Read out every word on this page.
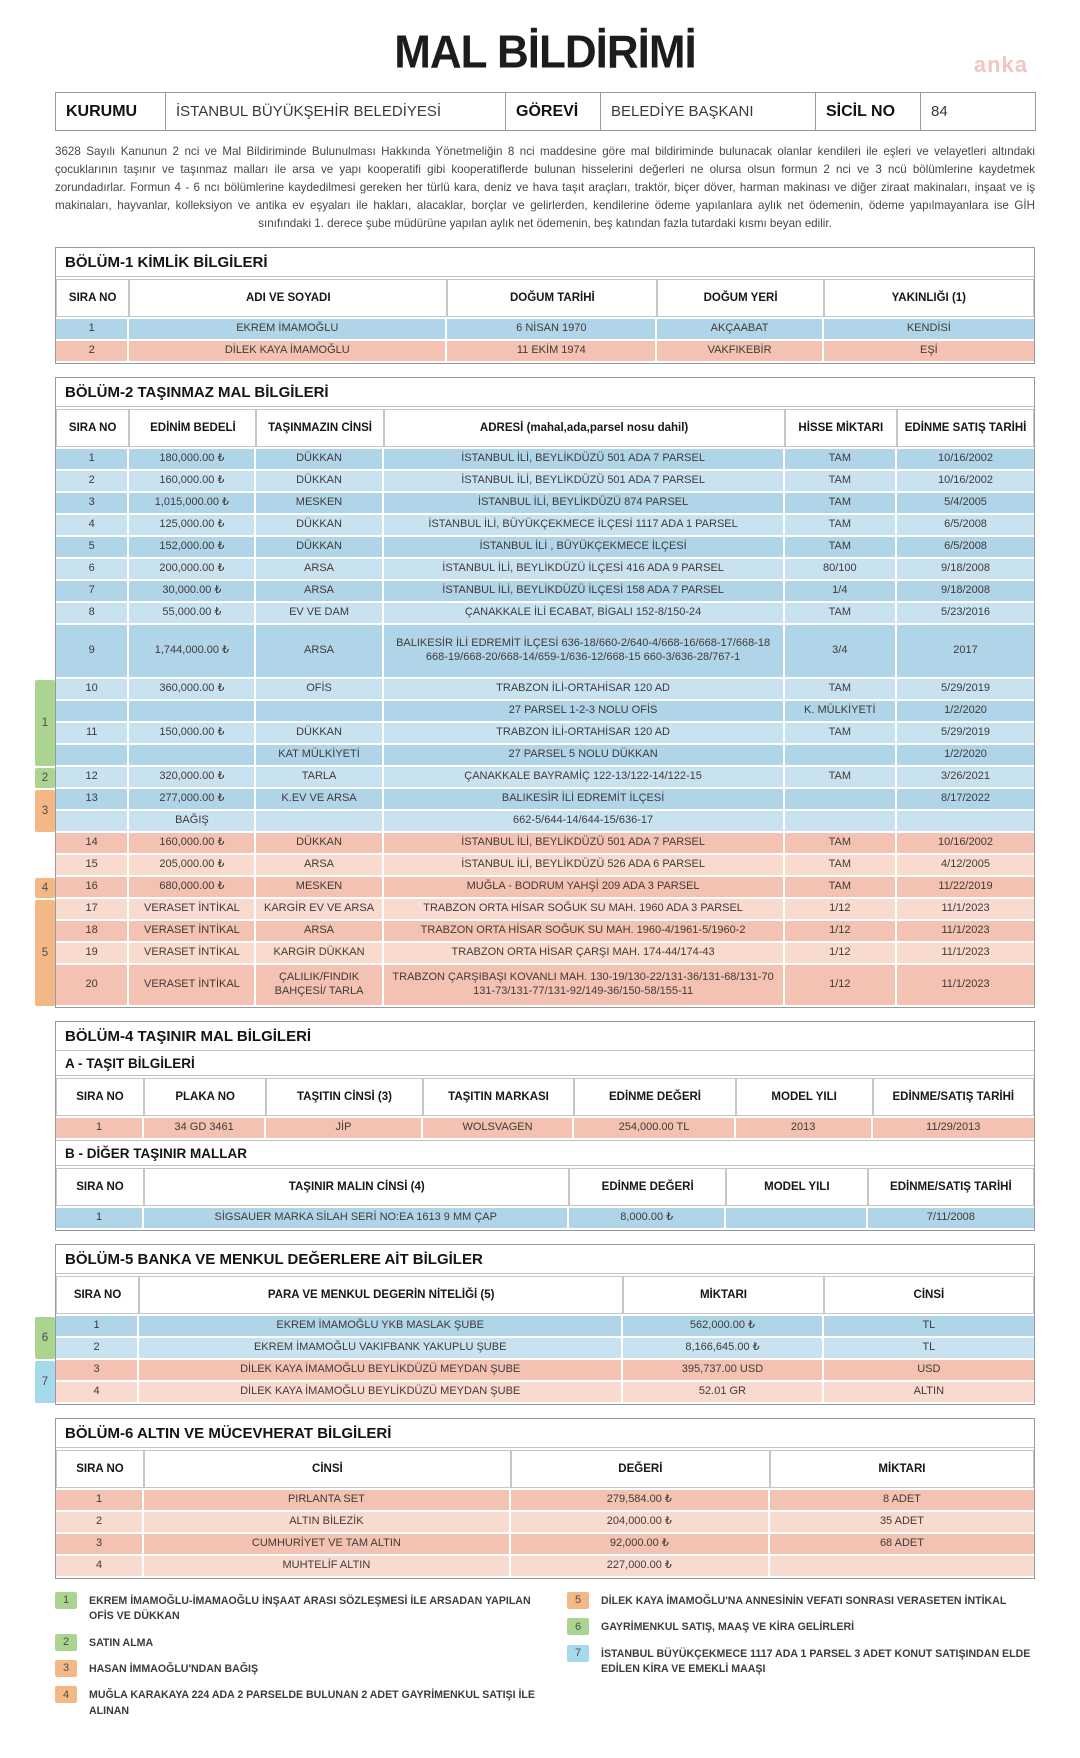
anka
MAL BİLDİRİMİ
KURUMU	İSTANBUL BÜYÜKŞEHİR BELEDİYESİ	GÖREVİ	BELEDİYE BAŞKANI	SİCİL NO	84

3628 Sayılı Kanunun 2 nci ve Mal Bildiriminde Bulunulması Hakkında Yönetmeliğin 8 nci maddesine göre mal bildiriminde bulunacak olanlar kendileri ile eşleri ve velayetleri altındaki çocuklarının taşınır ve taşınmaz malları ile arsa ve yapı kooperatifi gibi kooperatiflerde bulunan hisselerini değerleri ne olursa olsun formun 2 nci ve 3 ncü bölümlerine kaydetmek zorundadırlar. Formun 4 - 6 ncı bölümlerine kaydedilmesi gereken her türlü kara, deniz ve hava taşıt araçları, traktör, biçer döver, harman makinası ve diğer ziraat makinaları, inşaat ve iş makinaları, hayvanlar, kolleksiyon ve antika ev eşyaları ile hakları, alacaklar, borçlar ve gelirlerden, kendilerine ödeme yapılanlara aylık net ödemenin, ödeme yapılmayanlara ise GİH sınıfındaki 1. derece şube müdürüne yapılan aylık net ödemenin, beş katından fazla tutardaki kısmı beyan edilir.

BÖLÜM-1 KİMLİK BİLGİLERİ
SIRA NO	ADI VE SOYADI	DOĞUM TARİHİ	DOĞUM YERİ	YAKINLIĞI (1)
1	EKREM İMAMOĞLU	6 NİSAN 1970	AKÇAABAT	KENDİSİ
2	DİLEK KAYA İMAMOĞLU	11 EKİM 1974	VAKFIKEBİR	EŞİ
BÖLÜM-2 TAŞINMAZ MAL BİLGİLERİ
SIRA NO	EDİNİM BEDELİ	TAŞINMAZIN CİNSİ	ADRESİ (mahal,ada,parsel nosu dahil)	HİSSE MİKTARI	EDİNME SATIŞ TARİHİ
1	180,000.00 ₺	DÜKKAN	İSTANBUL İLİ, BEYLİKDÜZÜ 501 ADA 7 PARSEL	TAM	10/16/2002
2	160,000.00 ₺	DÜKKAN	İSTANBUL İLİ, BEYLİKDÜZÜ 501 ADA 7 PARSEL	TAM	10/16/2002
3	1,015,000.00 ₺	MESKEN	İSTANBUL İLİ, BEYLİKDÜZÜ 874 PARSEL	TAM	5/4/2005
4	125,000.00 ₺	DÜKKAN	İSTANBUL İLİ, BÜYÜKÇEKMECE İLÇESİ 1117 ADA 1 PARSEL	TAM	6/5/2008
5	152,000.00 ₺	DÜKKAN	İSTANBUL İLİ , BÜYÜKÇEKMECE İLÇESİ	TAM	6/5/2008
6	200,000.00 ₺	ARSA	İSTANBUL İLİ, BEYLİKDÜZÜ İLÇESİ 416 ADA 9 PARSEL	80/100	9/18/2008
7	30,000.00 ₺	ARSA	İSTANBUL İLİ, BEYLİKDÜZÜ İLÇESİ 158 ADA 7 PARSEL	1/4	9/18/2008
8	55,000.00 ₺	EV VE DAM	ÇANAKKALE İLİ ECABAT, BİGALI 152-8/150-24	TAM	5/23/2016
9	1,744,000.00 ₺	ARSA	BALIKESİR İLİ EDREMİT İLÇESİ 636-18/660-2/640-4/668-16/668-17/668-18 668-19/668-20/668-14/659-1/636-12/668-15 660-3/636-28/767-1	3/4	2017
10	360,000.00 ₺	OFİS	TRABZON İLİ-ORTAHİSAR 120 AD	TAM	5/29/2019
			27 PARSEL 1-2-3 NOLU OFİS	K. MÜLKİYETİ	1/2/2020
11	150,000.00 ₺	DÜKKAN	TRABZON İLİ-ORTAHİSAR 120 AD	TAM	5/29/2019
		KAT MÜLKİYETİ	27 PARSEL 5 NOLU DÜKKAN		1/2/2020
12	320,000.00 ₺	TARLA	ÇANAKKALE BAYRAMİÇ 122-13/122-14/122-15	TAM	3/26/2021
13	277,000.00 ₺	K.EV VE ARSA	BALIKESİR İLİ EDREMİT İLÇESİ		8/17/2022
	BAĞIŞ		662-5/644-14/644-15/636-17		
14	160,000.00 ₺	DÜKKAN	İSTANBUL İLİ, BEYLİKDÜZÜ 501 ADA 7 PARSEL	TAM	10/16/2002
15	205,000.00 ₺	ARSA	İSTANBUL İLİ, BEYLİKDÜZÜ 526 ADA 6 PARSEL	TAM	4/12/2005
16	680,000.00 ₺	MESKEN	MUĞLA - BODRUM YAHŞİ 209 ADA 3 PARSEL	TAM	11/22/2019
17	VERASET İNTİKAL	KARGİR EV VE ARSA	TRABZON ORTA HİSAR SOĞUK SU MAH. 1960 ADA 3 PARSEL	1/12	11/1/2023
18	VERASET İNTİKAL	ARSA	TRABZON ORTA HİSAR SOĞUK SU MAH. 1960-4/1961-5/1960-2	1/12	11/1/2023
19	VERASET İNTİKAL	KARGİR DÜKKAN	TRABZON ORTA HİSAR ÇARŞI MAH. 174-44/174-43	1/12	11/1/2023
20	VERASET İNTİKAL	ÇALILIK/FINDIK BAHÇESİ/ TARLA	TRABZON ÇARŞIBAŞI KOVANLI MAH. 130-19/130-22/131-36/131-68/131-70 131-73/131-77/131-92/149-36/150-58/155-11	1/12	11/1/2023
1
2
3
4
5
BÖLÜM-4 TAŞINIR MAL BİLGİLERİ
A - TAŞIT BİLGİLERİ
SIRA NO	PLAKA NO	TAŞITIN CİNSİ (3)	TAŞITIN MARKASI	EDİNME DEĞERİ	MODEL YILI	EDİNME/SATIŞ TARİHİ
1	34 GD 3461	JİP	WOLSVAGEN	254,000.00 TL	2013	11/29/2013
B - DİĞER TAŞINIR MALLAR
SIRA NO	TAŞINIR MALIN CİNSİ (4)	EDİNME DEĞERİ	MODEL YILI	EDİNME/SATIŞ TARİHİ
1	SİGSAUER MARKA SİLAH SERİ NO:EA 1613 9 MM ÇAP	8,000.00 ₺		7/11/2008
BÖLÜM-5 BANKA VE MENKUL DEĞERLERE AİT BİLGİLER
SIRA NO	PARA VE MENKUL DEGERİN NİTELİĞİ (5)	MİKTARI	CİNSİ
1	EKREM İMAMOĞLU YKB MASLAK ŞUBE	562,000.00 ₺	TL
2	EKREM İMAMOĞLU VAKIFBANK YAKUPLU ŞUBE	8,166,645.00 ₺	TL
3	DİLEK KAYA İMAMOĞLU BEYLİKDÜZÜ MEYDAN ŞUBE	395,737.00 USD	USD
4	DİLEK KAYA İMAMOĞLU BEYLİKDÜZÜ MEYDAN ŞUBE	52.01 GR	ALTIN
6
7
BÖLÜM-6 ALTIN VE MÜCEVHERAT BİLGİLERİ
SIRA NO	CİNSİ	DEĞERİ	MİKTARI
1	PIRLANTA SET	279,584.00 ₺	8 ADET
2	ALTIN BİLEZİK	204,000.00 ₺	35 ADET
3	CUMHURİYET VE TAM ALTIN	92,000.00 ₺	68 ADET
4	MUHTELİF ALTIN	227,000.00 ₺	
1	EKREM İMAMOĞLU-İMAMAOĞLU İNŞAAT ARASI SÖZLEŞMESİ İLE ARSADAN YAPILAN OFİS VE DÜKKAN
2	SATIN ALMA
3	HASAN İMMAOĞLU'NDAN BAĞIŞ
4	MUĞLA KARAKAYA 224 ADA 2 PARSELDE BULUNAN 2 ADET GAYRİMENKUL SATIŞI İLE ALINAN
5	DİLEK KAYA İMAMOĞLU'NA ANNESİNİN VEFATI SONRASI VERASETEN İNTİKAL
6	GAYRİMENKUL SATIŞ, MAAŞ VE KİRA GELİRLERİ
7	İSTANBUL BÜYÜKÇEKMECE 1117 ADA 1 PARSEL 3 ADET KONUT SATIŞINDAN ELDE EDİLEN KİRA VE EMEKLİ MAAŞI
